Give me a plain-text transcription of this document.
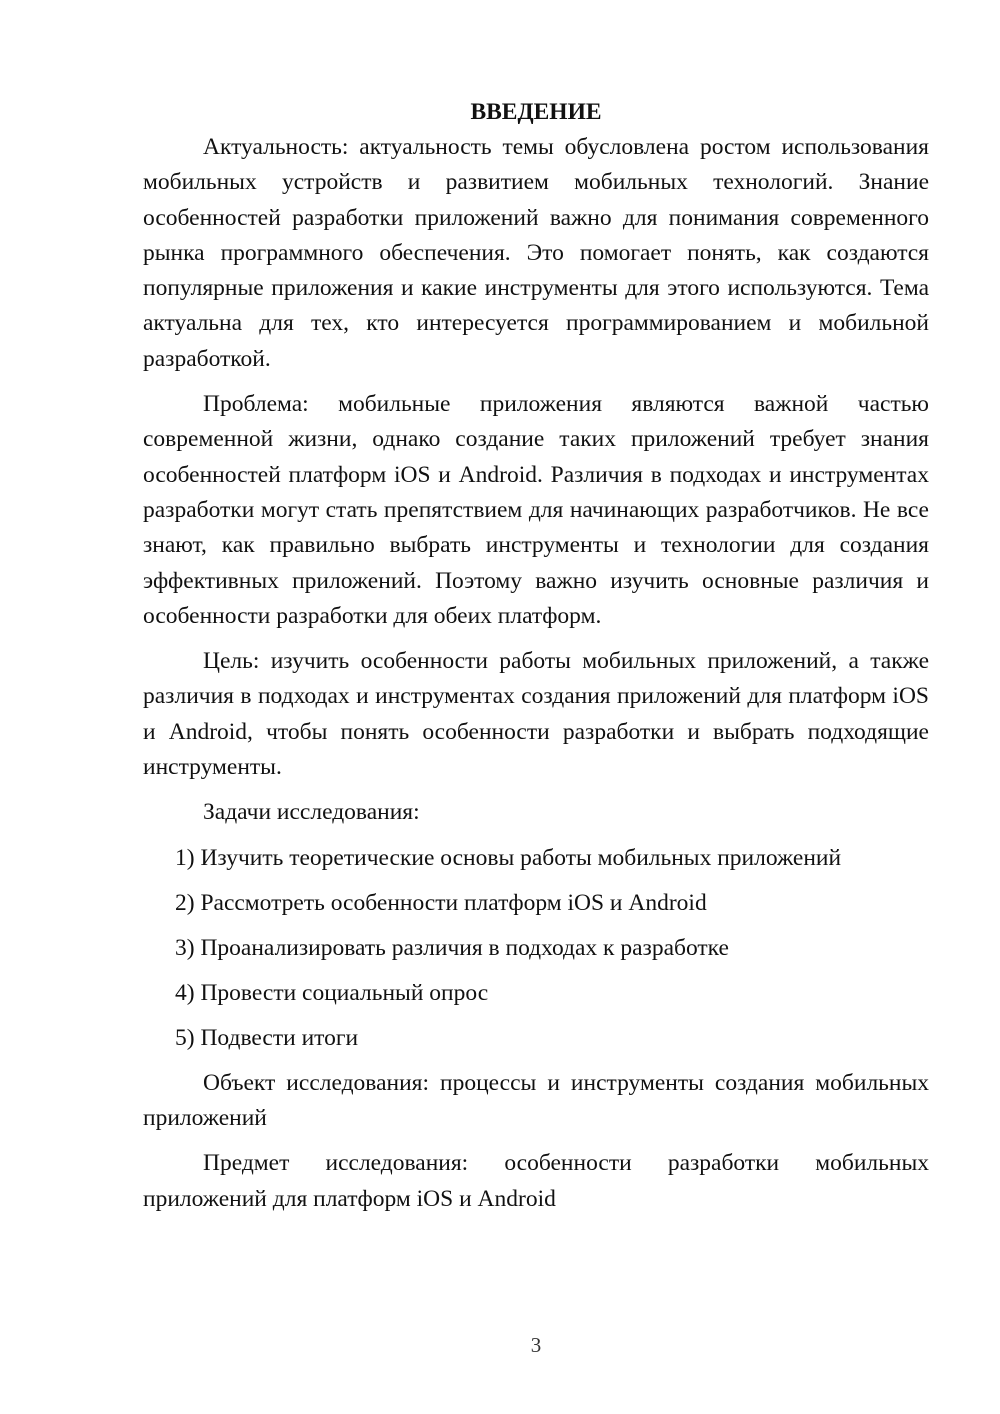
ВВЕДЕНИЕ

Актуальность: актуальность темы обусловлена ростом использования мобильных устройств и развитием мобильных технологий. Знание особенностей разработки приложений важно для понимания современного рынка программного обеспечения. Это помогает понять, как создаются популярные приложения и какие инструменты для этого используются. Тема актуальна для тех, кто интересуется программированием и мобильной разработкой.

Проблема: мобильные приложения являются важной частью современной жизни, однако создание таких приложений требует знания особенностей платформ iOS и Android. Различия в подходах и инструментах разработки могут стать препятствием для начинающих разработчиков. Не все знают, как правильно выбрать инструменты и технологии для создания эффективных приложений. Поэтому важно изучить основные различия и особенности разработки для обеих платформ.

Цель: изучить особенности работы мобильных приложений, а также различия в подходах и инструментах создания приложений для платформ iOS и Android, чтобы понять особенности разработки и выбрать подходящие инструменты.

Задачи исследования:

1) Изучить теоретические основы работы мобильных приложений

2) Рассмотреть особенности платформ iOS и Android

3) Проанализировать различия в подходах к разработке

4) Провести социальный опрос

5) Подвести итоги

Объект исследования: процессы и инструменты создания мобильных приложений

Предмет исследования: особенности разработки мобильных приложений для платформ iOS и Android

3
